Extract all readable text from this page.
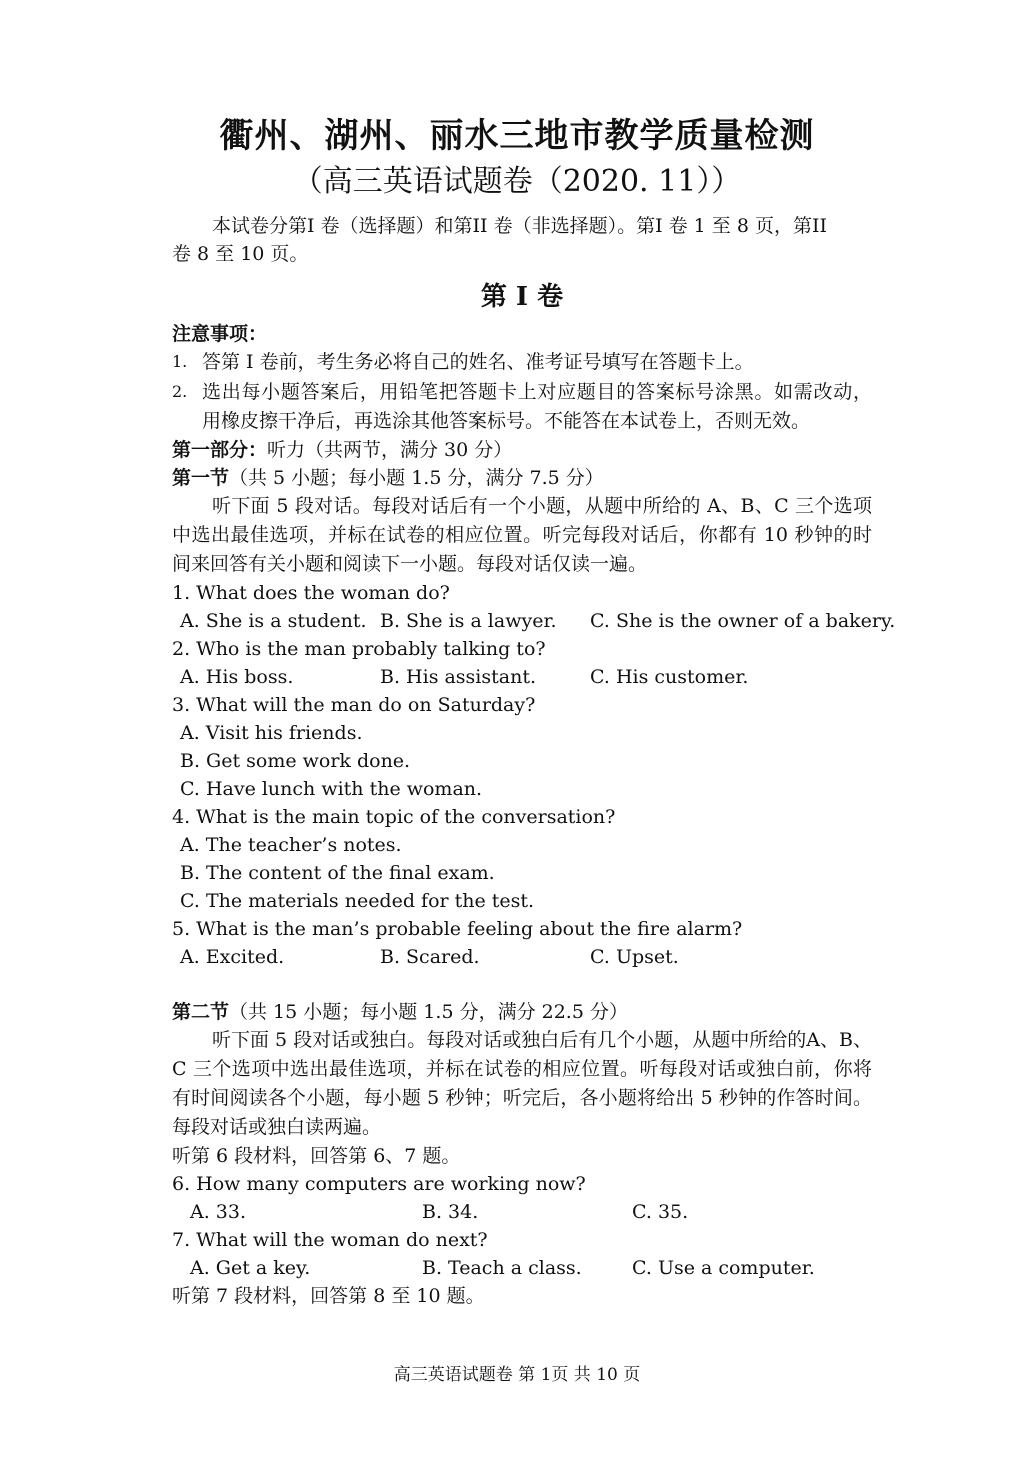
衢州、湖州、丽水三地市教学质量检测
（高三英语试题卷（2020. 11））
本试卷分第I 卷（选择题）和第II 卷（非选择题）。第I 卷 1 至 8 页，第II
卷 8 至 10 页。
第 I 卷
注意事项：
1. 答第 Ⅰ 卷前，考生务必将自己的姓名、准考证号填写在答题卡上。
2. 选出每小题答案后，用铅笔把答题卡上对应题目的答案标号涂黑。如需改动， 用橡皮擦干净后，再选涂其他答案标号。不能答在本试卷上，否则无效。
第一部分：听力（共两节，满分 30 分）
第一节（共 5 小题；每小题 1.5 分，满分 7.5 分）
听下面 5 段对话。每段对话后有一个小题，从题中所给的 A、B、C 三个选项中选出最佳选项，并标在试卷的相应位置。听完每段对话后，你都有 10 秒钟的时间来回答有关小题和阅读下一小题。每段对话仅读一遍。
1. What does the woman do?
A. She is a student. B. She is a lawyer. C. She is the owner of a bakery.
2. Who is the man probably talking to?
A. His boss.	B. His assistant.	C. His customer.
3. What will the man do on Saturday?
A. Visit his friends.
B. Get some work done.
C. Have lunch with the woman.
4. What is the main topic of the conversation?
A. The teacher’s notes.
B. The content of the final exam.
C. The materials needed for the test.
5. What is the man’s probable feeling about the fire alarm?
A. Excited.	B. Scared.	C. Upset.
第二节（共 15 小题；每小题 1.5 分，满分 22.5 分）
听下面 5 段对话或独白。每段对话或独白后有几个小题，从题中所给的A、B、C 三个选项中选出最佳选项，并标在试卷的相应位置。听每段对话或独白前，你将有时间阅读各个小题，每小题 5 秒钟；听完后，各小题将给出 5 秒钟的作答时间。每段对话或独白读两遍。
听第 6 段材料，回答第 6、7 题。
6. How many computers are working now?
A. 33.	B. 34.	C. 35.
7. What will the woman do next?
A. Get a key.	B. Teach a class.	C. Use a computer.
听第 7 段材料，回答第 8 至 10 题。
高三英语试题卷 第 1页 共 10 页
